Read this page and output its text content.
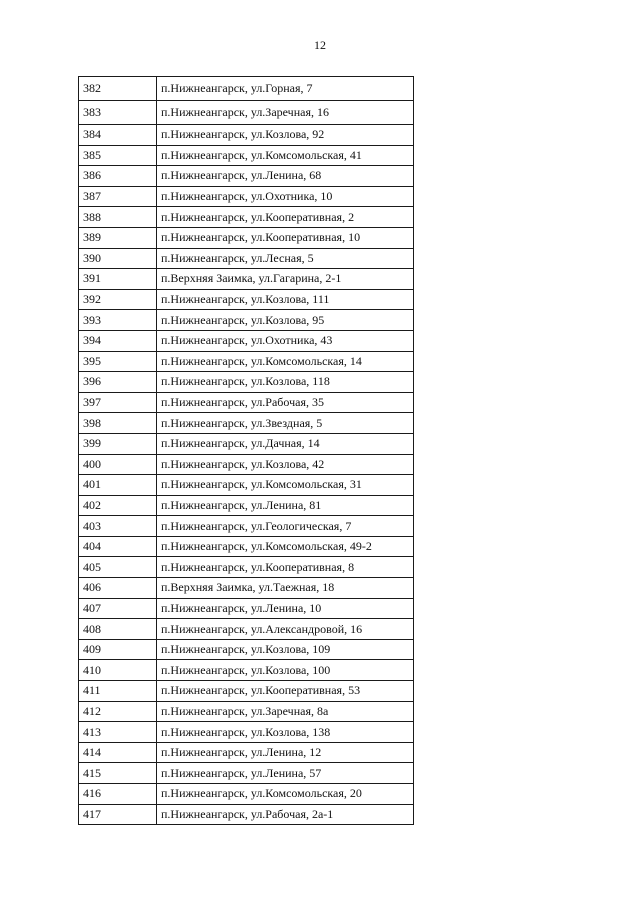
12
382	п.Нижнеангарск, ул.Горная, 7
383	п.Нижнеангарск, ул.Заречная, 16
384	п.Нижнеангарск, ул.Козлова, 92
385	п.Нижнеангарск, ул.Комсомольская, 41
386	п.Нижнеангарск, ул.Ленина, 68
387	п.Нижнеангарск, ул.Охотника, 10
388	п.Нижнеангарск, ул.Кооперативная, 2
389	п.Нижнеангарск, ул.Кооперативная, 10
390	п.Нижнеангарск, ул.Лесная, 5
391	п.Верхняя Заимка, ул.Гагарина, 2-1
392	п.Нижнеангарск, ул.Козлова, 111
393	п.Нижнеангарск, ул.Козлова, 95
394	п.Нижнеангарск, ул.Охотника, 43
395	п.Нижнеангарск, ул.Комсомольская, 14
396	п.Нижнеангарск, ул.Козлова, 118
397	п.Нижнеангарск, ул.Рабочая, 35
398	п.Нижнеангарск, ул.Звездная, 5
399	п.Нижнеангарск, ул.Дачная, 14
400	п.Нижнеангарск, ул.Козлова, 42
401	п.Нижнеангарск, ул.Комсомольская, 31
402	п.Нижнеангарск, ул.Ленина, 81
403	п.Нижнеангарск, ул.Геологическая, 7
404	п.Нижнеангарск, ул.Комсомольская, 49-2
405	п.Нижнеангарск, ул.Кооперативная, 8
406	п.Верхняя Заимка, ул.Таежная, 18
407	п.Нижнеангарск, ул.Ленина, 10
408	п.Нижнеангарск, ул.Александровой, 16
409	п.Нижнеангарск, ул.Козлова, 109
410	п.Нижнеангарск, ул.Козлова, 100
411	п.Нижнеангарск, ул.Кооперативная, 53
412	п.Нижнеангарск, ул.Заречная, 8а
413	п.Нижнеангарск, ул.Козлова, 138
414	п.Нижнеангарск, ул.Ленина, 12
415	п.Нижнеангарск, ул.Ленина, 57
416	п.Нижнеангарск, ул.Комсомольская, 20
417	п.Нижнеангарск, ул.Рабочая, 2а-1
